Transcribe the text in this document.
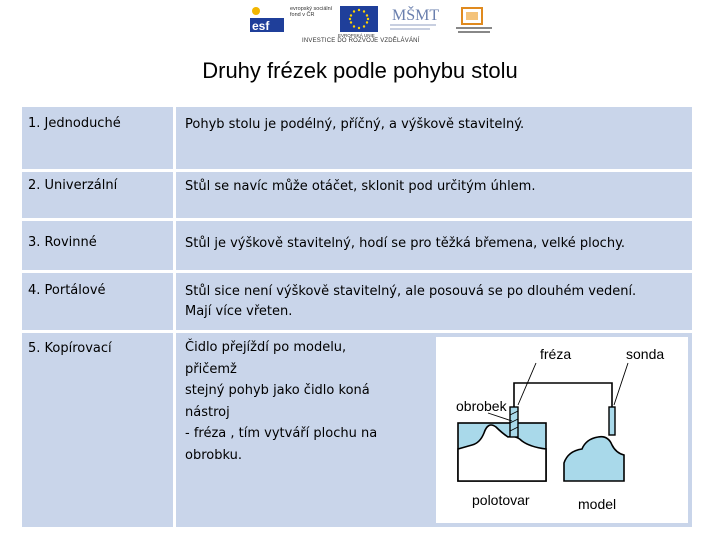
esf
evropský sociální fond v ČR
EVROPSKÁ UNIE
MŠMT
INVESTICE DO ROZVOJE VZDĚLÁVÁNÍ
Druhy frézek podle pohybu stolu
1. Jednoduché	Pohyb stolu je podélný, příčný, a výškově stavitelný.
2. Univerzální	Stůl se navíc může otáčet, sklonit pod určitým úhlem.
3. Rovinné	Stůl je výškově stavitelný, hodí se pro těžká břemena, velké plochy.
4. Portálové	Stůl sice není výškově stavitelný, ale posouvá se po dlouhém vedení.
Mají více vřeten.
5. Kopírovací	Čidlo přejíždí po modelu,
přičemž
stejný pohyb jako čidlo koná
nástroj
- fréza , tím vytváří plochu na
obrobku.
fréza	sonda
obrobek
polotovar	model
